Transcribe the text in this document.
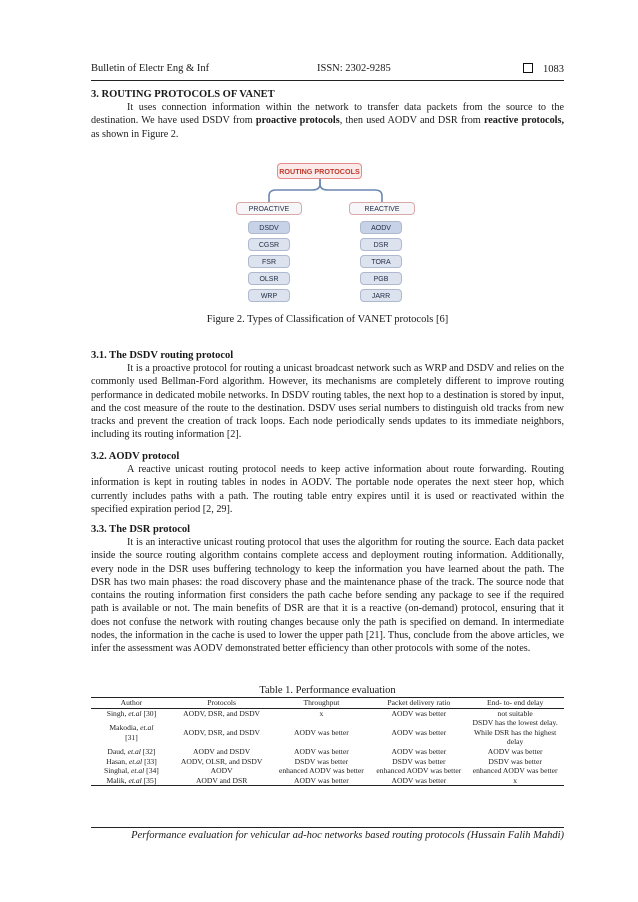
Bulletin of Electr Eng & Inf	ISSN: 2302-9285	1083
3. ROUTING PROTOCOLS OF VANET

It uses connection information within the network to transfer data packets from the source to the destination. We have used DSDV from proactive protocols, then used AODV and DSR from reactive protocols, as shown in Figure 2.

ROUTING PROTOCOLS
PROACTIVE	REACTIVE
DSDV
CGSR
FSR
OLSR
WRP
AODV
DSR
TORA
PGB
JARR
Figure 2. Types of Classification of VANET protocols [6]
3.1. The DSDV routing protocol

It is a proactive protocol for routing a unicast broadcast network such as WRP and DSDV and relies on the commonly used Bellman-Ford algorithm. However, its mechanisms are completely different to improve routing performance in dedicated mobile networks. In DSDV routing tables, the next hop to a destination is stored by input, and the cost measure of the route to the destination. DSDV uses serial numbers to distinguish old tracks from new tracks and prevent the creation of track loops. Each node periodically sends updates to its immediate neighbors, including its routing information [2].

3.2. AODV protocol

A reactive unicast routing protocol needs to keep active information about route forwarding. Routing information is kept in routing tables in nodes in AODV. The portable node operates the next steer hop, which currently includes paths with a path. The routing table entry expires until it is used or reactivated within the specified expiration period [2, 29].

3.3. The DSR protocol

It is an interactive unicast routing protocol that uses the algorithm for routing the source. Each data packet inside the source routing algorithm contains complete access and deployment routing information. Additionally, every node in the DSR uses buffering technology to keep the information you have learned about the path. The DSR has two main phases: the road discovery phase and the maintenance phase of the track. The source node that contains the routing information first considers the path cache before sending any package to see if the required path is available or not. The main benefits of DSR are that it is a reactive (on-demand) protocol, ensuring that it does not confuse the network with routing changes because only the path is specified on demand. In intermediate nodes, the information in the cache is used to lower the upper path [21]. Thus, conclude from the above articles, we infer the assessment was AODV demonstrated better efficiency than other protocols with some of the notes.

Table 1. Performance evaluation
Author	Protocols	Throughput	Packet delivery ratio	End- to- end delay
Singh, et.al [30]	AODV, DSR, and DSDV	x	AODV was better	not suitable
Makodia, et.al
[31]	AODV, DSR, and DSDV	AODV was better	AODV was better	DSDV has the lowest delay. While DSR has the highest delay
Daud, et.al [32]	AODV and DSDV	AODV was better	AODV was better	AODV was better
Hasan, et.al [33]	AODV, OLSR, and DSDV	DSDV was better	DSDV was better	DSDV was better
Singhal, et.al [34]	AODV	enhanced AODV was better	enhanced AODV was better	enhanced AODV was better
Malik, et.al [35]	AODV and DSR	AODV was better	AODV was better	x
Performance evaluation for vehicular ad-hoc networks based routing protocols (Hussain Falih Mahdi)
